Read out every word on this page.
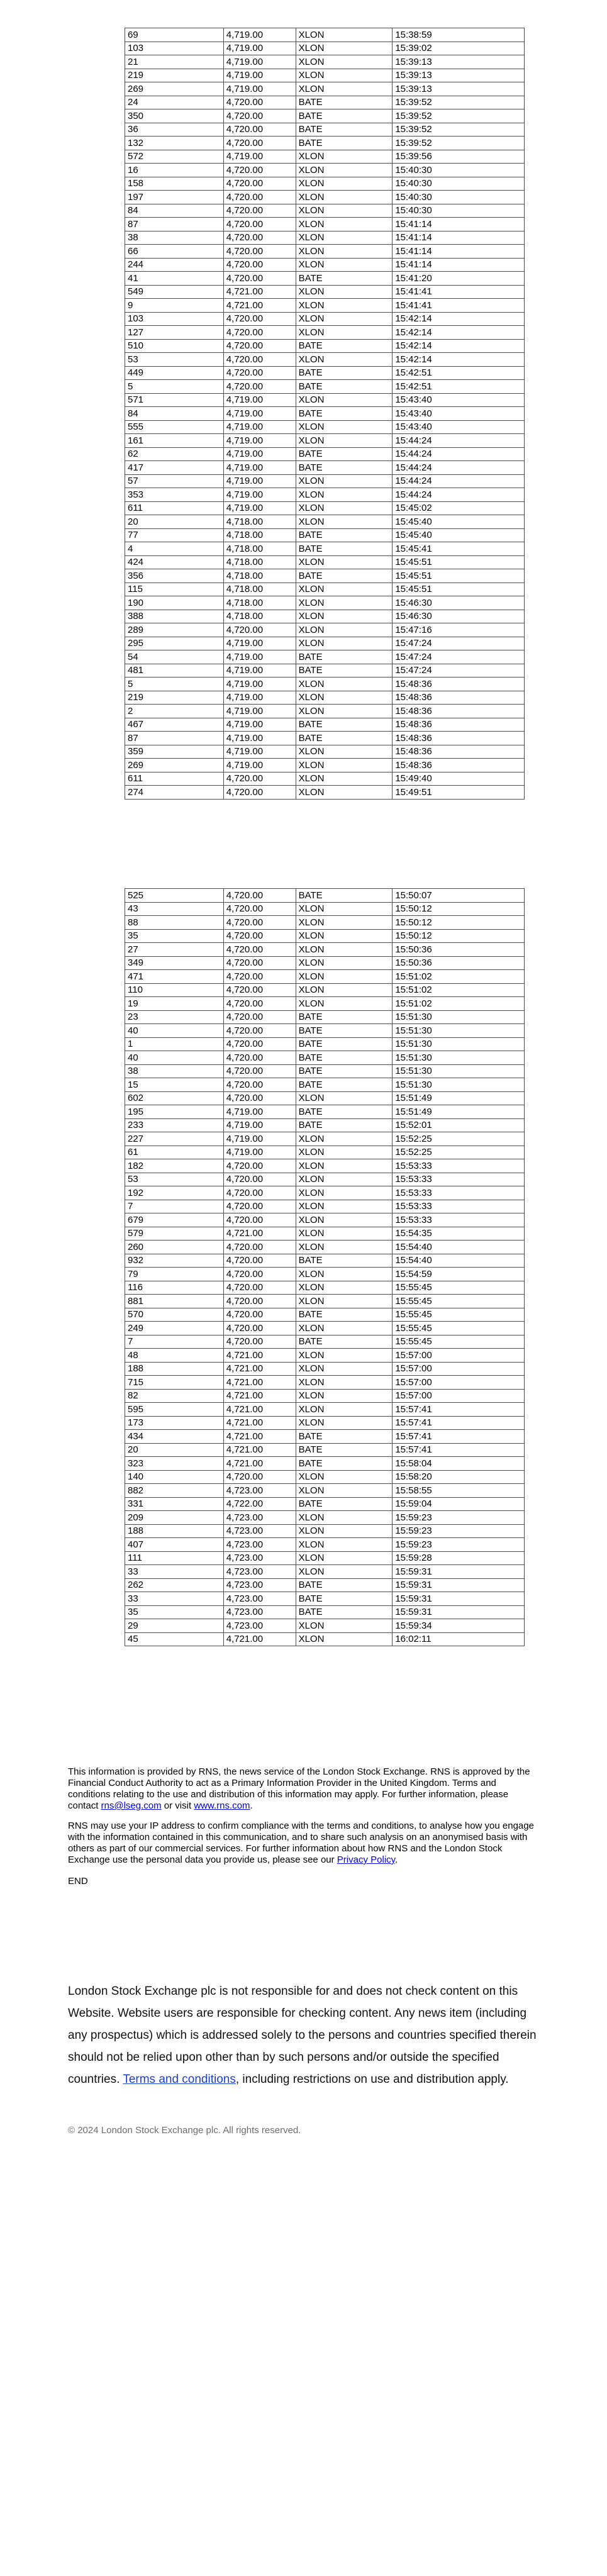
69	4,719.00	XLON	15:38:59
103	4,719.00	XLON	15:39:02
21	4,719.00	XLON	15:39:13
219	4,719.00	XLON	15:39:13
269	4,719.00	XLON	15:39:13
24	4,720.00	BATE	15:39:52
350	4,720.00	BATE	15:39:52
36	4,720.00	BATE	15:39:52
132	4,720.00	BATE	15:39:52
572	4,719.00	XLON	15:39:56
16	4,720.00	XLON	15:40:30
158	4,720.00	XLON	15:40:30
197	4,720.00	XLON	15:40:30
84	4,720.00	XLON	15:40:30
87	4,720.00	XLON	15:41:14
38	4,720.00	XLON	15:41:14
66	4,720.00	XLON	15:41:14
244	4,720.00	XLON	15:41:14
41	4,720.00	BATE	15:41:20
549	4,721.00	XLON	15:41:41
9	4,721.00	XLON	15:41:41
103	4,720.00	XLON	15:42:14
127	4,720.00	XLON	15:42:14
510	4,720.00	BATE	15:42:14
53	4,720.00	XLON	15:42:14
449	4,720.00	BATE	15:42:51
5	4,720.00	BATE	15:42:51
571	4,719.00	XLON	15:43:40
84	4,719.00	BATE	15:43:40
555	4,719.00	XLON	15:43:40
161	4,719.00	XLON	15:44:24
62	4,719.00	BATE	15:44:24
417	4,719.00	BATE	15:44:24
57	4,719.00	XLON	15:44:24
353	4,719.00	XLON	15:44:24
611	4,719.00	XLON	15:45:02
20	4,718.00	XLON	15:45:40
77	4,718.00	BATE	15:45:40
4	4,718.00	BATE	15:45:41
424	4,718.00	XLON	15:45:51
356	4,718.00	BATE	15:45:51
115	4,718.00	XLON	15:45:51
190	4,718.00	XLON	15:46:30
388	4,718.00	XLON	15:46:30
289	4,720.00	XLON	15:47:16
295	4,719.00	XLON	15:47:24
54	4,719.00	BATE	15:47:24
481	4,719.00	BATE	15:47:24
5	4,719.00	XLON	15:48:36
219	4,719.00	XLON	15:48:36
2	4,719.00	XLON	15:48:36
467	4,719.00	BATE	15:48:36
87	4,719.00	BATE	15:48:36
359	4,719.00	XLON	15:48:36
269	4,719.00	XLON	15:48:36
611	4,720.00	XLON	15:49:40
274	4,720.00	XLON	15:49:51
525	4,720.00	BATE	15:50:07
43	4,720.00	XLON	15:50:12
88	4,720.00	XLON	15:50:12
35	4,720.00	XLON	15:50:12
27	4,720.00	XLON	15:50:36
349	4,720.00	XLON	15:50:36
471	4,720.00	XLON	15:51:02
110	4,720.00	XLON	15:51:02
19	4,720.00	XLON	15:51:02
23	4,720.00	BATE	15:51:30
40	4,720.00	BATE	15:51:30
1	4,720.00	BATE	15:51:30
40	4,720.00	BATE	15:51:30
38	4,720.00	BATE	15:51:30
15	4,720.00	BATE	15:51:30
602	4,720.00	XLON	15:51:49
195	4,719.00	BATE	15:51:49
233	4,719.00	BATE	15:52:01
227	4,719.00	XLON	15:52:25
61	4,719.00	XLON	15:52:25
182	4,720.00	XLON	15:53:33
53	4,720.00	XLON	15:53:33
192	4,720.00	XLON	15:53:33
7	4,720.00	XLON	15:53:33
679	4,720.00	XLON	15:53:33
579	4,721.00	XLON	15:54:35
260	4,720.00	XLON	15:54:40
932	4,720.00	BATE	15:54:40
79	4,720.00	XLON	15:54:59
116	4,720.00	XLON	15:55:45
881	4,720.00	XLON	15:55:45
570	4,720.00	BATE	15:55:45
249	4,720.00	XLON	15:55:45
7	4,720.00	BATE	15:55:45
48	4,721.00	XLON	15:57:00
188	4,721.00	XLON	15:57:00
715	4,721.00	XLON	15:57:00
82	4,721.00	XLON	15:57:00
595	4,721.00	XLON	15:57:41
173	4,721.00	XLON	15:57:41
434	4,721.00	BATE	15:57:41
20	4,721.00	BATE	15:57:41
323	4,721.00	BATE	15:58:04
140	4,720.00	XLON	15:58:20
882	4,723.00	XLON	15:58:55
331	4,722.00	BATE	15:59:04
209	4,723.00	XLON	15:59:23
188	4,723.00	XLON	15:59:23
407	4,723.00	XLON	15:59:23
111	4,723.00	XLON	15:59:28
33	4,723.00	XLON	15:59:31
262	4,723.00	BATE	15:59:31
33	4,723.00	BATE	15:59:31
35	4,723.00	BATE	15:59:31
29	4,723.00	XLON	15:59:34
45	4,721.00	XLON	16:02:11

This information is provided by RNS, the news service of the London Stock Exchange. RNS is approved by the Financial Conduct Authority to act as a Primary Information Provider in the United Kingdom. Terms and conditions relating to the use and distribution of this information may apply. For further information, please contact rns@lseg.com or visit www.rns.com.

RNS may use your IP address to confirm compliance with the terms and conditions, to analyse how you engage with the information contained in this communication, and to share such analysis on an anonymised basis with others as part of our commercial services. For further information about how RNS and the London Stock Exchange use the personal data you provide us, please see our Privacy Policy.

END
London Stock Exchange plc is not responsible for and does not check content on this Website. Website users are responsible for checking content. Any news item (including any prospectus) which is addressed solely to the persons and countries specified therein should not be relied upon other than by such persons and/or outside the specified countries. Terms and conditions, including restrictions on use and distribution apply.
© 2024 London Stock Exchange plc. All rights reserved.
